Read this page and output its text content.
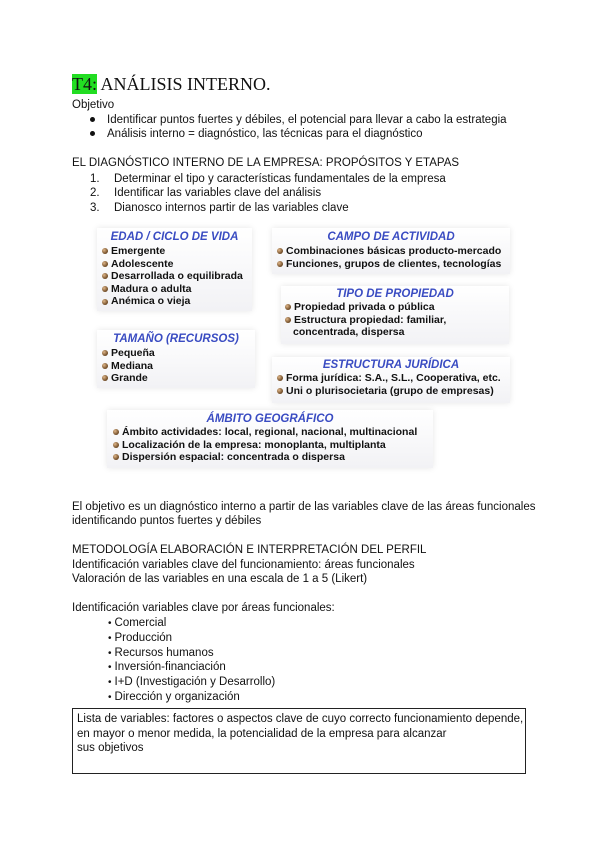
T4: ANÁLISIS INTERNO.
Objetivo
Identificar puntos fuertes y débiles, el potencial para llevar a cabo la estrategia
Análisis interno = diagnóstico, las técnicas para el diagnóstico
EL DIAGNÓSTICO INTERNO DE LA EMPRESA: PROPÓSITOS Y ETAPAS
1. Determinar el tipo y características fundamentales de la empresa
2. Identificar las variables clave del análisis
3. Dianosco internos partir de las variables clave
EDAD / CICLO DE VIDA
Emergente
Adolescente
Desarrollada o equilibrada
Madura o adulta
Anémica o vieja
CAMPO DE ACTIVIDAD
Combinaciones básicas producto-mercado
Funciones, grupos de clientes, tecnologías
TIPO DE PROPIEDAD
Propiedad privada o pública
Estructura propiedad: familiar,
concentrada, dispersa
TAMAÑO (RECURSOS)
Pequeña
Mediana
Grande
ESTRUCTURA JURÍDICA
Forma jurídica: S.A., S.L., Cooperativa, etc.
Uni o plurisocietaria (grupo de empresas)
ÁMBITO GEOGRÁFICO
Ámbito actividades: local, regional, nacional, multinacional
Localización de la empresa: monoplanta, multiplanta
Dispersión espacial: concentrada o dispersa
El objetivo es un diagnóstico interno a partir de las variables clave de las áreas funcionales
identificando puntos fuertes y débiles
METODOLOGÍA ELABORACIÓN E INTERPRETACIÓN DEL PERFIL
Identificación variables clave del funcionamiento: áreas funcionales
Valoración de las variables en una escala de 1 a 5 (Likert)
Identificación variables clave por áreas funcionales:
• Comercial
• Producción
• Recursos humanos
• Inversión-financiación
• I+D (Investigación y Desarrollo)
• Dirección y organización
Lista de variables: factores o aspectos clave de cuyo correcto funcionamiento depende,
en mayor o menor medida, la potencialidad de la empresa para alcanzar
sus objetivos
